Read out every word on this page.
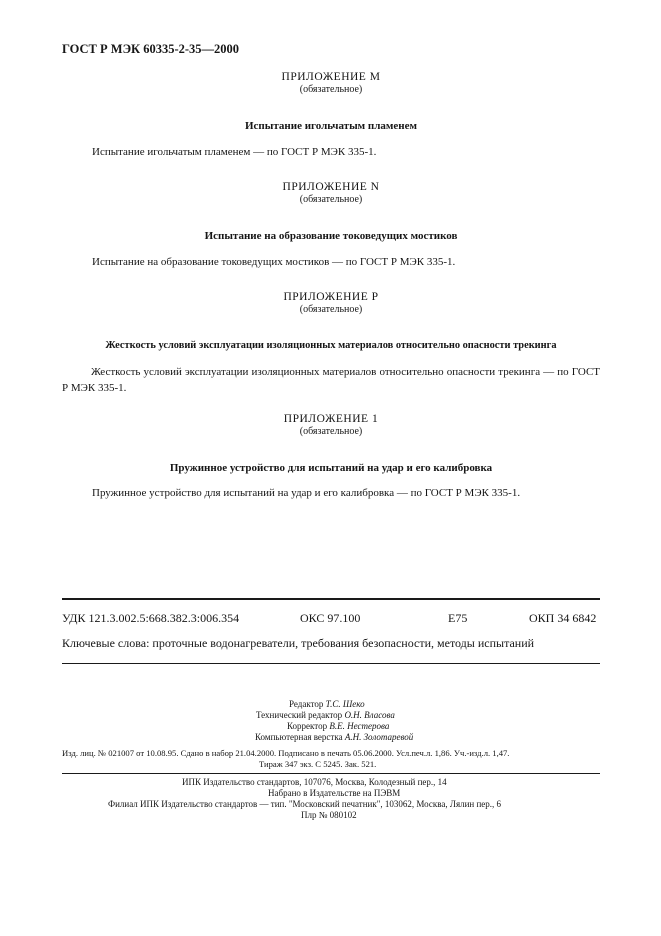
ГОСТ Р МЭК 60335-2-35—2000
ПРИЛОЖЕНИЕ M
(обязательное)
Испытание игольчатым пламенем
Испытание игольчатым пламенем — по ГОСТ Р МЭК 335-1.
ПРИЛОЖЕНИЕ N
(обязательное)
Испытание на образование токоведущих мостиков
Испытание на образование токоведущих мостиков — по ГОСТ Р МЭК 335-1.
ПРИЛОЖЕНИЕ P
(обязательное)
Жесткость условий эксплуатации изоляционных материалов относительно опасности трекинга
Жесткость условий эксплуатации изоляционных материалов относительно опасности трекинга — по ГОСТ Р МЭК 335-1.
ПРИЛОЖЕНИЕ 1
(обязательное)
Пружинное устройство для испытаний на удар и его калибровка
Пружинное устройство для испытаний на удар и его калибровка — по ГОСТ Р МЭК 335-1.
УДК 121.3.002.5:668.382.3:006.354	ОКС 97.100	Е75	ОКП 34 6842
Ключевые слова: проточные водонагреватели, требования безопасности, методы испытаний
Редактор Т.С. Шеко
Технический редактор О.Н. Власова
Корректор В.Е. Нестерова
Компьютерная верстка А.Н. Золотаревой
Изд. лиц. № 021007 от 10.08.95. Сдано в набор 21.04.2000. Подписано в печать 05.06.2000. Усл.печ.л. 1,86. Уч.-изд.л. 1,47.
Тираж 347 экз. С 5245. Зак. 521.
ИПК Издательство стандартов, 107076, Москва, Колодезный пер., 14
Набрано в Издательстве на ПЭВМ
Филиал ИПК Издательство стандартов — тип. "Московский печатник", 103062, Москва, Лялин пер., 6
Плр № 080102
